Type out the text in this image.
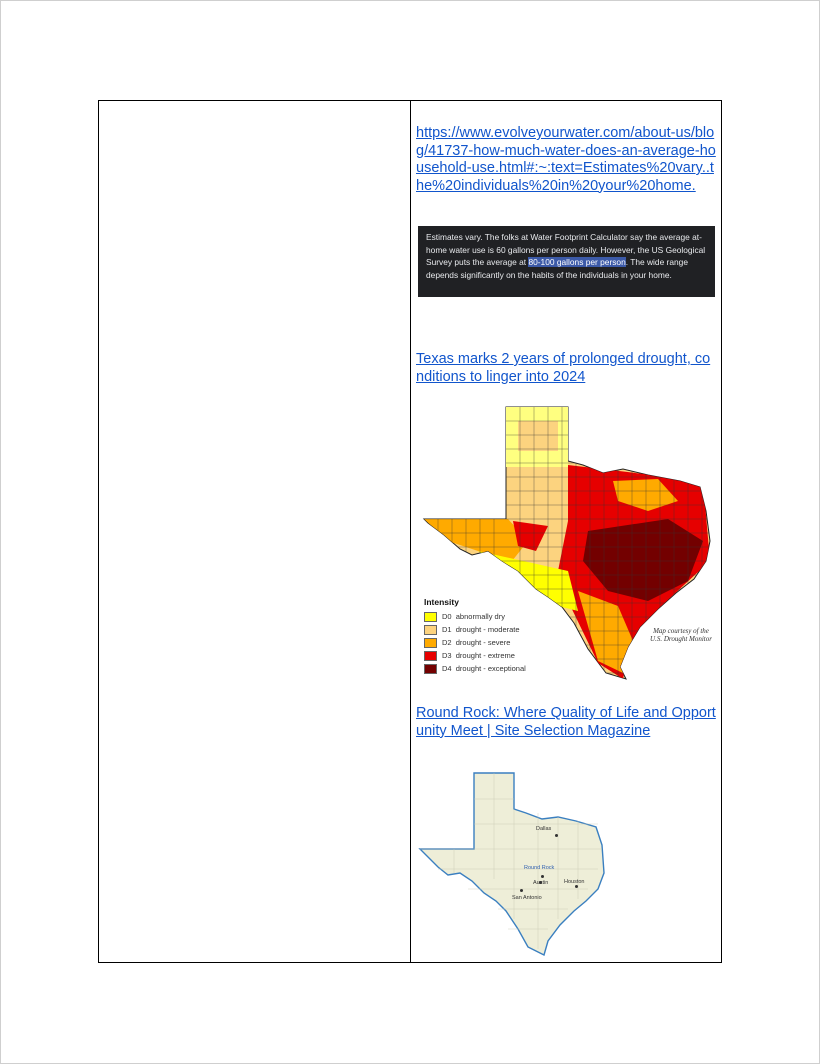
https://www.evolveyourwater.com/about-us/blog/41737-how-much-water-does-an-average-household-use.html#:~:text=Estimates%20vary..the%20individuals%20in%20your%20home.
Estimates vary. The folks at Water Footprint Calculator say the average at-home water use is 60 gallons per person daily. However, the US Geological Survey puts the average at 80-100 gallons per person. The wide range depends significantly on the habits of the individuals in your home.
Texas marks 2 years of prolonged drought, conditions to linger into 2024
Intensity
D0
abnormally dry
D1
drought - moderate
D2
drought - severe
D3
drought - extreme
D4
drought - exceptional
Map courtesy of the U.S. Drought Monitor
Round Rock: Where Quality of Life and Opportunity Meet | Site Selection Magazine
Dallas
Round Rock
Austin	Houston
San Antonio
